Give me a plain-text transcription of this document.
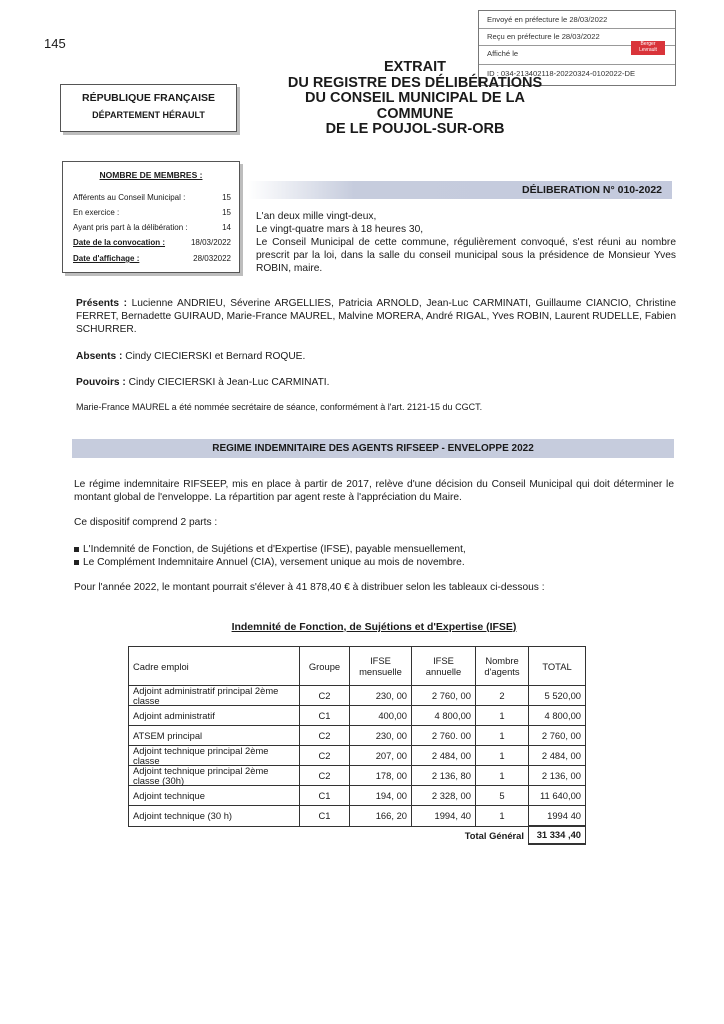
145
Envoyé en préfecture le 28/03/2022
Reçu en préfecture le 28/03/2022
Affiché le
Berger Levrault
ID : 034-213402118-20220324-0102022-DE
EXTRAIT
DU REGISTRE DES DÉLIBÉRATIONS
DU CONSEIL MUNICIPAL DE LA
COMMUNE
DE LE POUJOL-SUR-ORB
RÉPUBLIQUE FRANÇAISE
DÉPARTEMENT HÉRAULT
NOMBRE DE MEMBRES :
Afférents au Conseil Municipal :	15
En exercice :	15
Ayant pris part à la délibération :	14
Date de la convocation :	18/03/2022
Date d'affichage :	28/032022
DÉLIBERATION N° 010-2022

L'an deux mille vingt-deux,

Le vingt-quatre mars à 18 heures 30,

Le Conseil Municipal de cette commune, régulièrement convoqué, s'est réuni au nombre prescrit par la loi, dans la salle du conseil municipal sous la présidence de Monsieur Yves ROBIN, maire.

Présents : Lucienne ANDRIEU, Séverine ARGELLIES, Patricia ARNOLD, Jean-Luc CARMINATI, Guillaume CIANCIO, Christine FERRET, Bernadette GUIRAUD, Marie-France MAUREL, Malvine MORERA, André RIGAL, Yves ROBIN, Laurent RUDELLE, Fabien SCHURRER.
Absents : Cindy CIECIERSKI et Bernard ROQUE.
Pouvoirs : Cindy CIECIERSKI à Jean-Luc CARMINATI.
Marie-France MAUREL a été nommée secrétaire de séance, conformément à l'art. 2121-15 du CGCT.
REGIME INDEMNITAIRE DES AGENTS RIFSEEP - ENVELOPPE 2022

Le régime indemnitaire RIFSEEP, mis en place à partir de 2017, relève d'une décision du Conseil Municipal qui doit déterminer le montant global de l'enveloppe. La répartition par agent reste à l'appréciation du Maire.

Ce dispositif comprend 2 parts :

L'Indemnité de Fonction, de Sujétions et d'Expertise (IFSE), payable mensuellement,
Le Complément Indemnitaire Annuel (CIA), versement unique au mois de novembre.

Pour l'année 2022, le montant pourrait s'élever à 41 878,40 € à distribuer selon les tableaux ci-dessous :

Indemnité de Fonction, de Sujétions et d'Expertise (IFSE)
Cadre emploi	Groupe	IFSE mensuelle	IFSE annuelle	Nombre d'agents	TOTAL
Adjoint administratif principal 2ème classe	C2	230, 00	2 760, 00	2	5 520,00
Adjoint administratif	C1	400,00	4 800,00	1	4 800,00
ATSEM principal	C2	230, 00	2 760. 00	1	2 760, 00
Adjoint technique principal 2ème classe	C2	207, 00	2 484, 00	1	2 484, 00
Adjoint technique principal 2ème classe (30h)	C2	178, 00	2 136, 80	1	2 136, 00
Adjoint technique	C1	194, 00	2 328, 00	5	11 640,00
Adjoint technique (30 h)	C1	166, 20	1994, 40	1	1994 40
Total Général					31 334 ,40
